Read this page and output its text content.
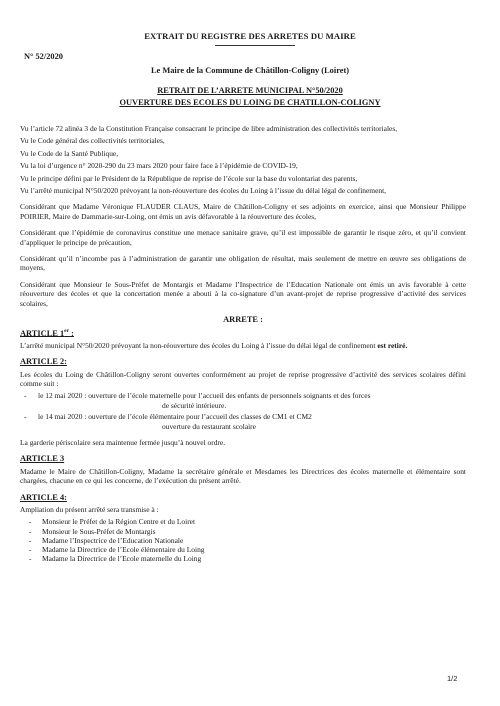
EXTRAIT DU REGISTRE DES ARRETES DU MAIRE
N° 52/2020
Le Maire de la Commune de Châtillon-Coligny (Loiret)
RETRAIT DE L’ARRETE MUNICIPAL N°50/2020
OUVERTURE DES ECOLES DU LOING DE CHATILLON-COLIGNY

Vu l’article 72 alinéa 3 de la Constitution Française consacrant le principe de libre administration des collectivités territoriales,

Vu le Code général des collectivités territoriales,

Vu le Code de la Santé Publique,

Vu la loi d’urgence n° 2020-290 du 23 mars 2020 pour faire face à l’épidémie de COVID-19,

Vu le principe défini par le Président de la République de reprise de l’école sur la base du volontariat des parents,

Vu l’arrêté municipal N°50/2020 prévoyant la non-réouverture des écoles du Loing à l’issue du délai légal de confinement,

Considérant que Madame Véronique FLAUDER CLAUS, Maire de Châtillon-Coligny et ses adjoints en exercice, ainsi que Monsieur Philippe POIRIER, Maire de Dammarie-sur-Loing, ont émis un avis défavorable à la réouverture des écoles,

Considérant que l’épidémie de coronavirus constitue une menace sanitaire grave, qu’il est impossible de garantir le risque zéro, et qu’il convient d’appliquer le principe de précaution,

Considérant qu’il n’incombe pas à l’administration de garantir une obligation de résultat, mais seulement de mettre en œuvre ses obligations de moyens,

Considérant que Monsieur le Sous-Préfet de Montargis et Madame l’Inspectrice de l’Education Nationale ont émis un avis favorable à cette réouverture des écoles et que la concertation menée a abouti à la co-signature d’un avant-projet de reprise progressive d’activité des services scolaires,

ARRETE :
ARTICLE 1er :

L’arrêté municipal N°50/2020 prévoyant la non-réouverture des écoles du Loing à l’issue du délai légal de confinement est retiré.

ARTICLE 2:

Les écoles du Loing de Châtillon-Coligny seront ouvertes conformément au projet de reprise progressive d’activité des services scolaires défini comme suit :

- le 12 mai 2020 : ouverture de l’école maternelle pour l’accueil des enfants de personnels soignants et des forces
de sécurité intérieure.
- le 14 mai 2020 : ouverture de l’école élémentaire pour l’accueil des classes de CM1 et CM2
ouverture du restaurant scolaire

La garderie périscolaire sera maintenue fermée jusqu’à nouvel ordre.

ARTICLE 3

Madame le Maire de Châtillon-Coligny, Madame la secrétaire générale et Mesdames les Directrices des écoles maternelle et élémentaire sont chargées, chacune en ce qui les concerne, de l’exécution du présent arrêté.

ARTICLE 4:

Ampliation du présent arrêté sera transmise à :

- Monsieur le Préfet de la Région Centre et du Loiret
- Monsieur le Sous-Préfet de Montargis
- Madame l’Inspectrice de l’Education Nationale
- Madame la Directrice de l’Ecole élémentaire du Loing
- Madame la Directrice de l’Ecole maternelle du Loing
1/2
